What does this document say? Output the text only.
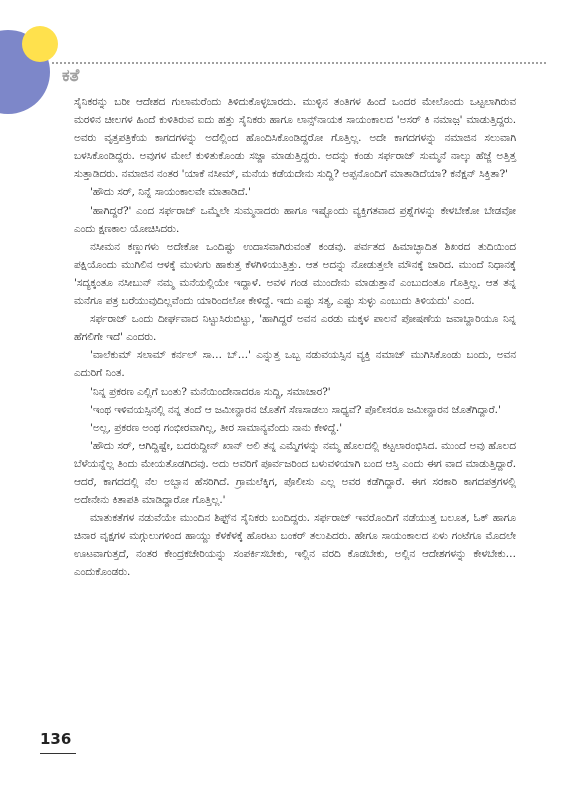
ಕತೆ

ಸೈನಿಕರನ್ನು ಬರೀ ಆದೇಶದ ಗುಲಾಮರೆಂದು ತಿಳಿದುಕೊಳ್ಳಬಾರದು. ಮುಳ್ಳಿನ ತಂತಿಗಳ ಹಿಂದೆ ಒಂದರ ಮೇಲೊಂದು ಒಟ್ಟಲಾಗಿರುವ ಮರಳಿನ ಚೀಲಗಳ ಹಿಂದೆ ಕುಳಿತಿರುವ ಐದು ಹತ್ತು ಸೈನಿಕರು ಹಾಗೂ ಲಾನ್ಸ್‌ನಾಯಕ ಸಾಯಂಕಾಲದ 'ಅಸರ್ ಕಿ ನಮಾಜ಼' ಮಾಡುತ್ತಿದ್ದರು. ಅವರು ವೃತ್ತಪತ್ರಿಕೆಯ ಕಾಗದಗಳನ್ನು ಅದೆಲ್ಲಿಂದ ಹೊಂದಿಸಿಕೊಂಡಿದ್ದರೋ ಗೊತ್ತಿಲ್ಲ. ಅದೇ ಕಾಗದಗಳನ್ನು ನಮಾಜಿನ ಸಲುವಾಗಿ ಬಳಸಿಕೊಂಡಿದ್ದರು. ಅವುಗಳ ಮೇಲೆ ಕುಳಿತುಕೊಂಡು ಸಜ್ದಾ ಮಾಡುತ್ತಿದ್ದರು. ಅದನ್ನು ಕಂಡು ಸರ್ಫರಾಜ್ ಸುಮ್ಮನೆ ನಾಲ್ಕು ಹೆಜ್ಜೆ ಅತ್ತಿತ್ತ ಸುತ್ತಾಡಿದರು. ನಮಾಜಿನ ನಂತರ 'ಯಾಕೆ ನಸೀಮ್, ಮನೆಯ ಕಡೆಯದೇನು ಸುದ್ದಿ? ಅಪ್ಪನೊಂದಿಗೆ ಮಾತಾಡಿದೆಯಾ? ಕನೆಕ್ಷನ್ ಸಿಕ್ತಿತಾ?'

'ಹೌದು ಸರ್, ನಿನ್ನೆ ಸಾಯಂಕಾಲವೇ ಮಾತಾಡಿದೆ.'

'ಹಾಗಿದ್ದರೆ?' ಎಂದ ಸರ್ಫರಾಜ್ ಒಮ್ಮೆಲೇ ಸುಮ್ಮನಾದರು ಹಾಗೂ ಇಷ್ಟೊಂದು ವ್ಯಕ್ತಿಗತವಾದ ಪ್ರಶ್ನೆಗಳನ್ನು ಕೇಳಬೇಕೋ ಬೇಡವೋ ಎಂದು ಕ್ಷಣಕಾಲ ಯೋಚಿಸಿದರು.

ನಸೀಮನ ಕಣ್ಣುಗಳು ಅದೇಕೋ ಒಂದಿಷ್ಟು ಉದಾಸವಾಗಿರುವಂತೆ ಕಂಡವು. ಪರ್ವತದ ಹಿಮಾಚ್ಛಾದಿತ ಶಿಖರದ ತುದಿಯಿಂದ ಪಕ್ಷಿಯೊಂದು ಮುಗಿಲಿನ ಆಳಕ್ಕೆ ಮುಳುಗು ಹಾಕುತ್ತ ಕೆಳಗಿಳಿಯುತ್ತಿತ್ತು. ಆತ ಅದನ್ನು ನೋಡುತ್ತಲೇ ಮೌನಕ್ಕೆ ಜಾರಿದ. ಮುಂದೆ ನಿಧಾನಕ್ಕೆ 'ಸದ್ಯಕ್ಕಂತೂ ನಸೀಬುನ್ ನಮ್ಮ ಮನೆಯಲ್ಲಿಯೇ ಇದ್ದಾಳೆ. ಅವಳ ಗಂಡ ಮುಂದೇನು ಮಾಡುತ್ತಾನೆ ಎಂಬುದಂತೂ ಗೊತ್ತಿಲ್ಲ. ಆತ ತನ್ನ ಮನೆಗೂ ಪತ್ರ ಬರೆಯುವುದಿಲ್ಲವೆಂದು ಯಾರಿಂದಲೋ ಕೇಳಿದ್ದೆ. ಇದು ಎಷ್ಟು ಸತ್ಯ, ಎಷ್ಟು ಸುಳ್ಳು ಎಂಬುದು ತಿಳಿಯದು' ಎಂದ.

ಸರ್ಫರಾಜ್ ಒಂದು ದೀರ್ಘವಾದ ನಿಟ್ಟುಸಿರುಬಿಟ್ಟು, 'ಹಾಗಿದ್ದರೆ ಅವನ ಎರಡು ಮಕ್ಕಳ ಪಾಲನೆ ಪೋಷಣೆಯ ಜವಾಬ್ದಾರಿಯೂ ನಿನ್ನ ಹೆಗಲಿಗೇ ಇದೆ' ಎಂದರು.

'ವಾಲೆಕುಮ್ ಸಲಾಮ್ ಕರ್ನಲ್ ಸಾ… ಬ್…' ಎನ್ನುತ್ತ ಒಬ್ಬ ನಡುವಯಸ್ಸಿನ ವ್ಯಕ್ತಿ ನಮಾಜ್ ಮುಗಿಸಿಕೊಂಡು ಬಂದು, ಅವನ ಎದುರಿಗೆ ನಿಂತ.

'ನಿನ್ನ ಪ್ರಕರಣ ಎಲ್ಲಿಗೆ ಬಂತು? ಮನೆಯಿಂದೇನಾದರೂ ಸುದ್ದಿ, ಸಮಾಚಾರ?'

'ಇಂಥ ಇಳಿವಯಸ್ಸಿನಲ್ಲಿ ನನ್ನ ತಂದೆ ಆ ಜಮೀನ್ದಾರನ ಜೊತೆಗೆ ಸೆಣಸಾಡಲು ಸಾಧ್ಯವೆ? ಪೊಲೀಸರೂ ಜಮೀನ್ದಾರನ ಜೊತೆಗಿದ್ದಾರೆ.'

'ಅಲ್ಲ, ಪ್ರಕರಣ ಅಂಥ ಗಂಭೀರವಾಗಿಲ್ಲ, ತೀರ ಸಾಮಾನ್ಯವೆಂದು ನಾನು ಕೇಳಿದ್ದೆ.'

'ಹೌದು ಸರ್, ಆಗಿದ್ದಿಷ್ಟೇ, ಬದರುದ್ದೀನ್ ಖಾನ್ ಅಲಿ ತನ್ನ ಎಮ್ಮೆಗಳನ್ನು ನಮ್ಮ ಹೊಲದಲ್ಲಿ ಕಟ್ಟಲಾರಂಭಿಸಿದ. ಮುಂದೆ ಅವು ಹೊಲದ ಬೆಳೆಯನ್ನೆಲ್ಲ ತಿಂದು ಮೇಯತೊಡಗಿದವು. ಅದು ಅವರಿಗೆ ಪೂರ್ವಜರಿಂದ ಬಳುವಳಿಯಾಗಿ ಬಂದ ಆಸ್ತಿ ಎಂದು ಈಗ ವಾದ ಮಾಡುತ್ತಿದ್ದಾರೆ. ಆದರೆ, ಕಾಗದದಲ್ಲಿ ನೆಲ ಅಬ್ಬಾನ ಹೆಸರಿಗಿದೆ. ಗ್ರಾಮಲೆಕ್ಕಿಗ, ಪೊಲೀಸು ಎಲ್ಲ ಅವರ ಕಡೆಗಿದ್ದಾರೆ. ಈಗ ಸರಕಾರಿ ಕಾಗದಪತ್ರಗಳಲ್ಲಿ ಅದೇನೇನು ಕಿತಾಪತಿ ಮಾಡಿದ್ದಾರೋ ಗೊತ್ತಿಲ್ಲ.'

ಮಾತುಕತೆಗಳ ನಡುವೆಯೇ ಮುಂದಿನ ಶಿಫ್ಟ್‌ನ ಸೈನಿಕರು ಬಂದಿದ್ದರು. ಸರ್ಫರಾಜ್ ಇವರೊಂದಿಗೆ ನಡೆಯುತ್ತ ಬಲೂತ, ಓಕ್ ಹಾಗೂ ಚಿನಾರ ವೃಕ್ಷಗಳ ಮಗ್ಗುಲುಗಳಿಂದ ಹಾಯ್ದು ಕೆಳಕೆಳಕ್ಕೆ ಹೊರಟು ಬಂಕರ್ ತಲುಪಿದರು. ಹೇಗೂ ಸಾಯಂಕಾಲದ ಏಳು ಗಂಟೆಗೂ ಮೊದಲೇ ಊಟವಾಗುತ್ತದೆ, ನಂತರ ಕೇಂದ್ರಕಚೇರಿಯನ್ನು ಸಂಪರ್ಕಿಸಬೇಕು, ಇಲ್ಲಿನ ವರದಿ ಕೊಡಬೇಕು, ಅಲ್ಲಿನ ಆದೇಶಗಳನ್ನು ಕೇಳಬೇಕು… ಎಂದುಕೊಂಡರು.

136
